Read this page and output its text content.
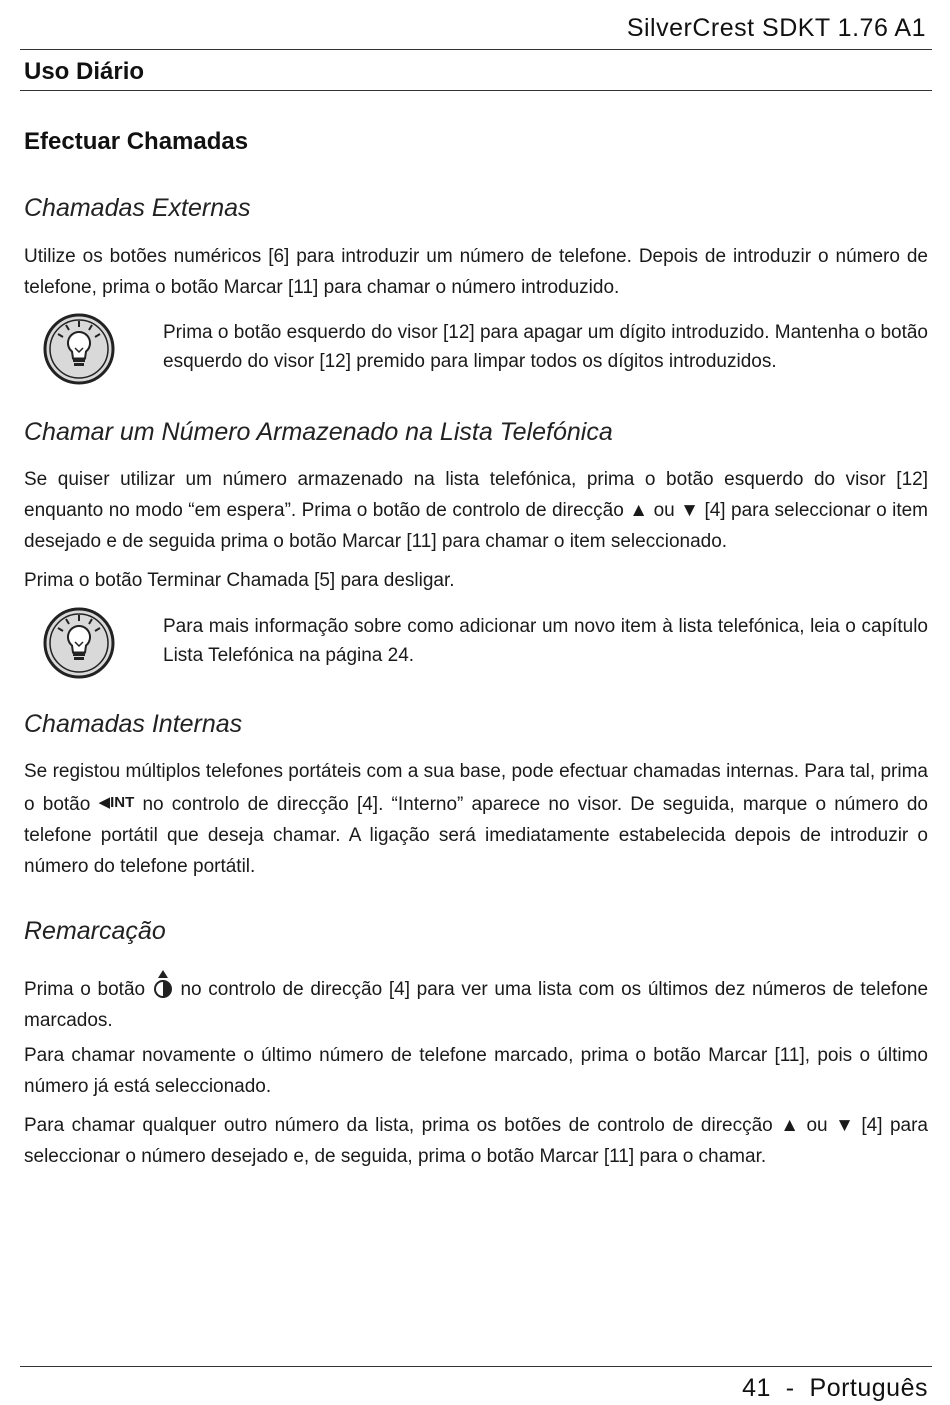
SilverCrest SDKT 1.76 A1
Uso Diário
Efectuar Chamadas
Chamadas Externas
Utilize os botões numéricos [6] para introduzir um número de telefone. Depois de introduzir o número de telefone, prima o botão Marcar [11] para chamar o número introduzido.
Prima o botão esquerdo do visor [12] para apagar um dígito introduzido. Mantenha o botão esquerdo do visor [12] premido para limpar todos os dígitos introduzidos.
Chamar um Número Armazenado na Lista Telefónica
Se quiser utilizar um número armazenado na lista telefónica, prima o botão esquerdo do visor [12] enquanto no modo “em espera”. Prima o botão de controlo de direcção ▲ ou ▼ [4] para seleccionar o item desejado e de seguida prima o botão Marcar [11] para chamar o item seleccionado.
Prima o botão Terminar Chamada [5] para desligar.
Para mais informação sobre como adicionar um novo item à lista telefónica, leia o capítulo Lista Telefónica na página 24.
Chamadas Internas
Se registou múltiplos telefones portáteis com a sua base, pode efectuar chamadas internas. Para tal, prima o botão ◀INT no controlo de direcção [4]. “Interno” aparece no visor. De seguida, marque o número do telefone portátil que deseja chamar. A ligação será imediatamente estabelecida depois de introduzir o número do telefone portátil.
Remarcação
Prima o botão no controlo de direcção [4] para ver uma lista com os últimos dez números de telefone marcados.
Para chamar novamente o último número de telefone marcado, prima o botão Marcar [11], pois o último número já está seleccionado.
Para chamar qualquer outro número da lista, prima os botões de controlo de direcção ▲ ou ▼ [4] para seleccionar o número desejado e, de seguida, prima o botão Marcar [11] para o chamar.
41  -  Português
